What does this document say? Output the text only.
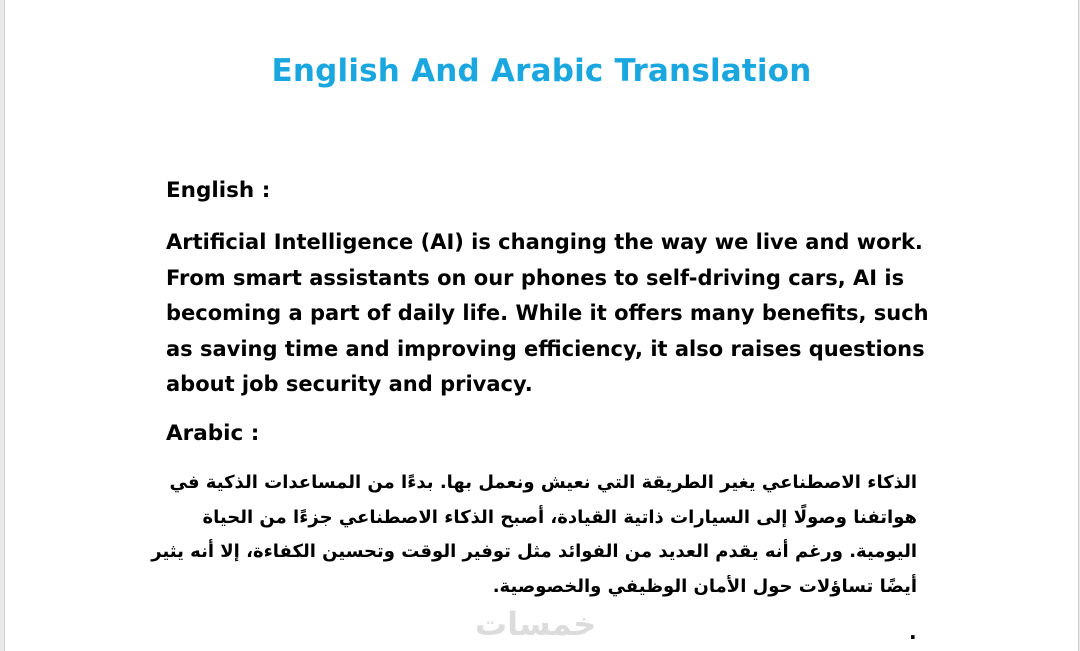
English And Arabic Translation
English :

Artificial Intelligence (AI) is changing the way we live and work.

From smart assistants on our phones to self-driving cars, AI is

becoming a part of daily life. While it offers many benefits, such

as saving time and improving efficiency, it also raises questions

about job security and privacy.

Arabic :

الذكاء الاصطناعي يغير الطريقة التي نعيش ونعمل بها. بدءًا من المساعدات الذكية في

هواتفنا وصولًا إلى السيارات ذاتية القيادة، أصبح الذكاء الاصطناعي جزءًا من الحياة

اليومية. ورغم أنه يقدم العديد من الفوائد مثل توفير الوقت وتحسين الكفاءة، إلا أنه يثير

أيضًا تساؤلات حول الأمان الوظيفي والخصوصية.

خمسات	.
